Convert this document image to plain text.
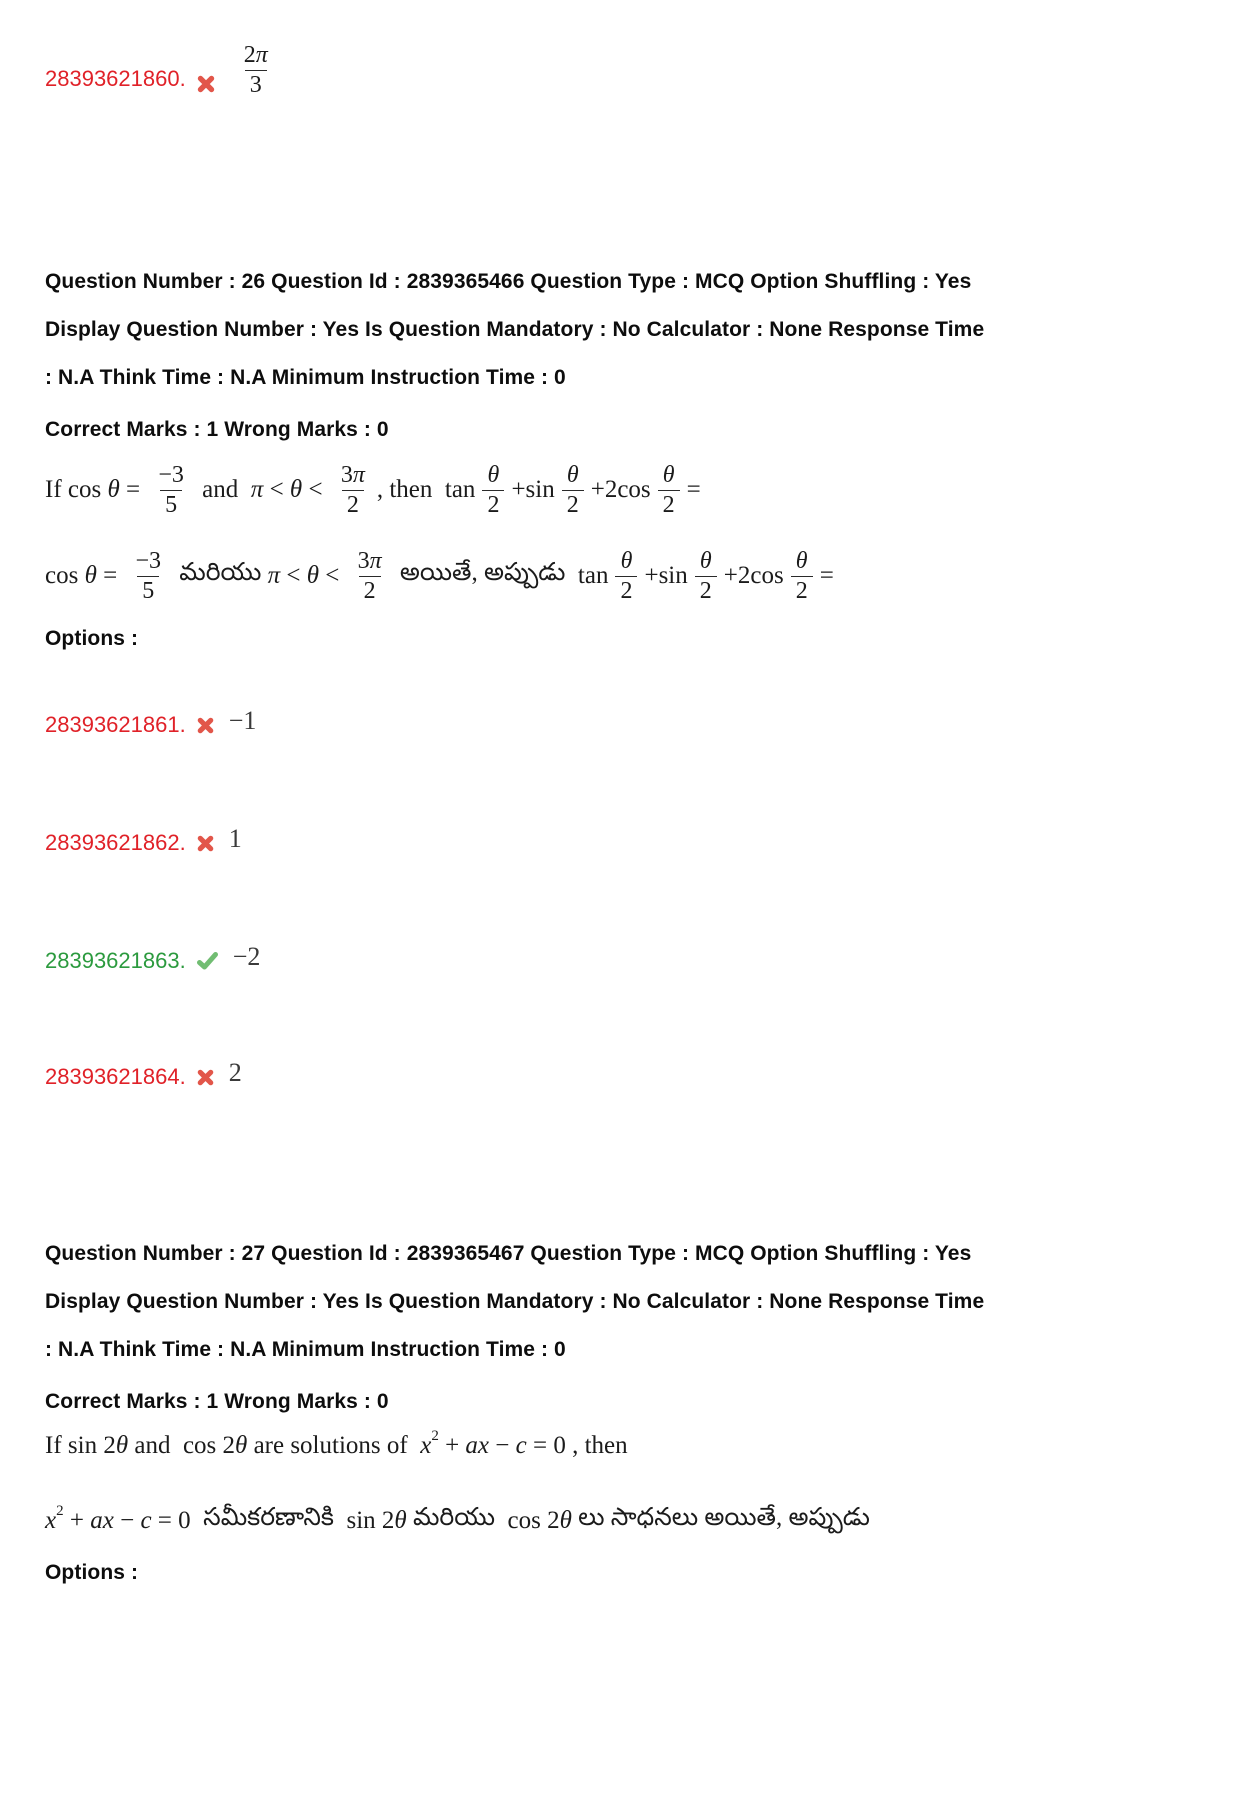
28393621860. $\frac{2\pi}{3}$

Question Number : 26 Question Id : 2839365466 Question Type : MCQ Option Shuffling : Yes

Display Question Number : Yes Is Question Mandatory : No Calculator : None Response Time

: N.A Think Time : N.A Minimum Instruction Time : 0

Correct Marks : 1 Wrong Marks : 0

If $\cos \theta = \frac{-3}{5}$ and $\pi < \theta < \frac{3\pi}{2}$ , then  $\tan \frac{\theta}{2} +\sin \frac{\theta}{2} +2\cos \frac{\theta}{2}$ =
$\cos \theta = \frac{-3}{5}$ మరియు $\pi < \theta < \frac{3\pi}{2}$ అయితే, అప్పుడు $\tan \frac{\theta}{2} +\sin \frac{\theta}{2} +2\cos \frac{\theta}{2}$ =

Options :

28393621861. −1
28393621862. 1
28393621863. −2
28393621864. 2

Question Number : 27 Question Id : 2839365467 Question Type : MCQ Option Shuffling : Yes

Display Question Number : Yes Is Question Mandatory : No Calculator : None Response Time

: N.A Think Time : N.A Minimum Instruction Time : 0

Correct Marks : 1 Wrong Marks : 0

If sin 2 θ and  cos 2 θ are solutions of x 2 + ax − c = 0 , then
x 2 + ax − c = 0 సమీకరణానికి sin 2 θ మరియు cos 2 θ లు సాధనలు అయితే, అప్పుడు

Options :
